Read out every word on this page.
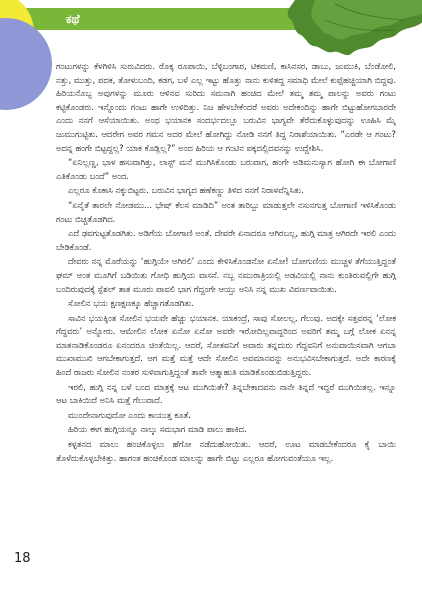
ಕಥೆ

ಗಂಟುಗಳನ್ನು ಕೆಳಗಿಳಿಸಿ ಸುರುವಿದರು. ರೊಕ್ಕ ರೂಪಾಯಿ, ಬೆಳ್ಳಿಬಂಗಾರ, ಟಿಕಮಣಿ, ಕಾಸಿನಸರ, ಡಾಬು, ಜುಮುಕಿ, ಬೆಂಡೋಲಿ, ನತ್ತು, ಮುತ್ತು, ಪದಕ, ತೋಳುಬಂದಿ, ಕಡಗ, ಬಳೆ ಎಲ್ಲ ಇಟ್ಟು ಹೊತ್ತು ನಾನು ಕುಳಿತದ್ದ ಸಮಾಧಿ ಮೇಲೆ ಕುಪ್ಪೆಹಚ್ಚಿಯಾಗಿ ಬಿದ್ದವು. ಹಿರಿಯನೊಬ್ಬ ಅವುಗಳನ್ನು ಮೂರು ಆಳಿನವ ಸುರಿದು ಸಮನಾಗಿ ಹಂಚಿದ ಮೇಲೆ ತಮ್ಮ ತಮ್ಮ ಪಾಲನ್ನು ಅವರು ಗಂಟು ಕಟ್ಟಿಕೊಂಡರು. ಇನ್ನೊಂದು ಗಂಟು ಹಾಗೇ ಉಳಿದಿತ್ತು. ನಿಜ ಹೇಳಬೇಕೆಂದರೆ ಅವರು ಅದೇಕಂದಿನ್ನು ಹಾಗೇ ಬಿಟ್ಟುಹೋಗಬಾರದೇ ಎಂದು ನನಗೆ ಆಸೆಯಾಯಿತು. ಅಂಥ ಭಯಾನಕ ಸಂದರ್ಭದಲ್ಲೂ ಬರುವಿನ ಭಾಗ್ಯವೇ ತೆರೆದುಕೊಳ್ಳುವುದನ್ನು ಊಹಿಸಿ ಮೈ ಜುಮುಗುಟ್ಟಿತು. ಆದರೇಗ ಅವರ ಗಮನ ಅದರ ಮೇಲೆ ಹೋಗಿದ್ದು ನೋಡಿ ನನಗೆ ತಿದ್ದ ನಿರಾಶೆಯಾಯಿತು. “ಎರಡೇ ಆ ಗಂಟು? ಅದನ್ನ ಹಂಗೇ ಬಿಟ್ಟದ್ದಲ್ಲ? ಯಾಕ ಕೊಡ್ಲಿಲ್ಲ?” ಅಂದ ಹಿರಿಯ ಆ ಗಂಟಿನ ಪಕ್ಕದಲ್ಲಿದವನನ್ನು ಉದ್ದೇಶಿಸಿ.

“ಏನಿಲ್ಲಣ್ಣ, ಭಾಳ ಹಸುವಾಗಿತ್ತು, ಲಾಸ್ಟ್ ಮನೆ ಮುಗಿಸಿಕೊಂಡು ಬರುವಾಗ, ಹಂಗೇ ಅಡಿಮನುಸ್ಯಾಗ ಹೋಗಿ ಈ ಬೋಗಾಣಿ ಎತಿಕೊಂಡು ಬಂದೆ” ಅಂದ.

ಎಲ್ಲರೂ ಕೊಕಾಸಿ ನಕ್ಕುಬಿಟ್ಟರು. ಬರುವಿನ ಭಾಗ್ಯದ ಹಣೆಕಣ್ಣು ತಿಳಿದ ನನಗೆ ನಿರಾಳವೆನ್ನಿಸಿತು.

“ಏನೈತೆ ತಾರಲೇ ನೋಡಮು... ಭೇಷ್ ಕೆಲಸ ಮಾಡಿದಿ” ಅಂತ ತಾರಿಬ್ಬು ಮಾಡುತ್ತಲೇ ನಸುನಗುತ್ತ ಬೋಗಾಣಿ ಇಳಿಸಿಕೊಂಡು ಗಂಟು ಬಿಚ್ಚತೊಡಗಿದ.

ಎದೆ ಢವಗುಟ್ಟತೊಡಗಿತು. ಅಡಿಗೆಯ ಬೋಗಾಣಿ ಅಂತೆ. ದೇವರೇ ಏನಾದರೂ ಆಗಿರಬಲ್ಲ, ಹುಗ್ಗಿ ಮಾತ್ರ ಆಗಿರದೇ ಇರಲಿ ಎಂದು ಬೇಡಿಕೊಂಡೆ.

ದೇವರು ನನ್ನ ಮೊರೆಯನ್ನು ‘ಹುಗ್ಗಿಯೇ ಆಗಿರಲಿ’ ಎಂದು ಕೇಳಿಸಿಕೊಂಡನೋ ಏನೋ! ಬೋಗುಣಿಯ ಮುಚ್ಚಳ ತೆಗೆಯುತ್ತಿದ್ದಂತೆ ಘಮ್ ಅಂತ ಮೂಗಿಗೆ ಬಡಿಯಿತು ಗೋಧಿ ಹುಗ್ಗಿಯ ವಾಸನೆ. ನಬ್ಬ ನಮುರಾತ್ರಿಯಲ್ಲಿ ಅಡವಿಯಲ್ಲಿ ನಾನು ಕುಂತಿರುವಲ್ಲಿಗೇ ಹುಗ್ಗಿ ಬಂದಿರುವುದಕ್ಕೆ ಸ್ಪೆಶಲ್ ತಾತ ಮೂರು ಪಾವಲಿ ಭಾಗ ಗೆದ್ದಂಗೇ ಆಯ್ತು ಅನಿಸಿ ನನ್ನ ಮುಖ ವಿವರ್ಣವಾಯಿತು.

ಸೋಲಿನ ಭಯ ಕ್ಷಣಕ್ಷಣಕ್ಕೂ ಹೆಚ್ಚಾಗತೊಡಗಿತು.

ಸಾವಿನ ಭಯಕ್ಕಿಂತ ಸೋಲಿನ ಭಯವೇ ಹೆಚ್ಚು ಭಯಾನಕ. ಯಾಕಂದ್ರೆ, ಸಾವು ಸೋಲಲ್ಲ, ಗೆಲುವು. ಅದಕ್ಕೇ ಸತ್ತವರನ್ನ ‘ಲೋಕ ಗೆದ್ದವರು’ ಅನ್ನೋರು. ಆಮೇಲಿನ ಲೋಕ ಏನೋ ಏನೋ ಅವರೇ ಇರೋದಿಲ್ಲವಾದ್ದರಿಂದ ಅವರಿಗೆ ತಮ್ಮ ಬಗ್ಗೆ ಲೋಕ ಏನನ್ನ ಮಾತನಾಡಿಕೊಂಡರೂ ಏನಂದರೂ ಚಿಂತೆಯಿಲ್ಲ. ಆದರೆ, ಸೋತವನಿಗೆ ಅವಾರು ತನ್ನದುರು ಗೆದ್ದವನಿಗೆ ಅನುವಾಯಿಸವಾಗಿ ಆಗಬಾ ಮುಖಾಮುಖಿ ಆಗಬೇಕಾಗುತ್ತದೆ. ಆಗ ಮತ್ತೆ ಮತ್ತೆ ಆದೇ ಸೋಲಿನ ಅವಮಾನವನ್ನು ಅನುಭವಿಸಬೇಕಾಗುತ್ತದೆ. ಅದೇ ಕಾರಣಕ್ಕೆ ಹಿಂದೆ ರಾಜರು ಸೋಲಿನ ನಂತರ ಸುಳಿವಾಗುತ್ತಿದ್ದಂತೆ ತಾವೇ ಆತ್ಮಾಹುತಿ ಮಾಡಿಕೊಂಡುಬಿಡುತ್ತಿದ್ದರು.

ಇರಲಿ, ಹುಗ್ಗಿ ನನ್ನ ಬಳೆ ಬಂದ ಮಾತ್ರಕ್ಕೆ ಆಟ ಮುಗಿಯಿತೇ? ತಿನ್ನಬೇಕಾದವನು ನಾನೇ ತಿನ್ನದೆ ಇದ್ದರೆ ಮುಗಿಯಿತಲ್ಲ. ಇನ್ನೂ ಆಟ ಬಾಕಿಯಿದೆ ಅನಿಸಿ ಮತ್ತೆ ಗೆಲುವಾದೆ.

ಮುಂದೇನಾಗುವುದೋ ಎಂದು ಕಾಯುತ್ತ ಕೂತೆ.

ಹಿರಿಯ ಈಗ ಹುಗ್ಗಿಯನ್ನೂ ನಾಲ್ಕು ಸಮಭಾಗ ಮಾಡಿ ಪಾಲು ಹಾಕಿದ.

ಕಳ್ಳತನದ ಮಾಲು ಹಂಚಿಕೊಳ್ಳಲು ಹೆಗೋ ನಡೆದುಹೋಯಿತು. ಆದರೆ, ಊಟ ಮಾಡಬೇಕೆಂದರೂ ಕೈ ಬಾಯಿ ತೊಳೆದುಕೊಳ್ಳಬೇಕಿತ್ತು. ಹಾಗಂತ ಹಂಚಿಕೊಂಡ ಮಾಲನ್ನು ಹಾಗೇ ಬಿಟ್ಟು ಎಲ್ಲರೂ ಹೋಗುವಂತೆಯೂ ಇಲ್ಲ.

18
